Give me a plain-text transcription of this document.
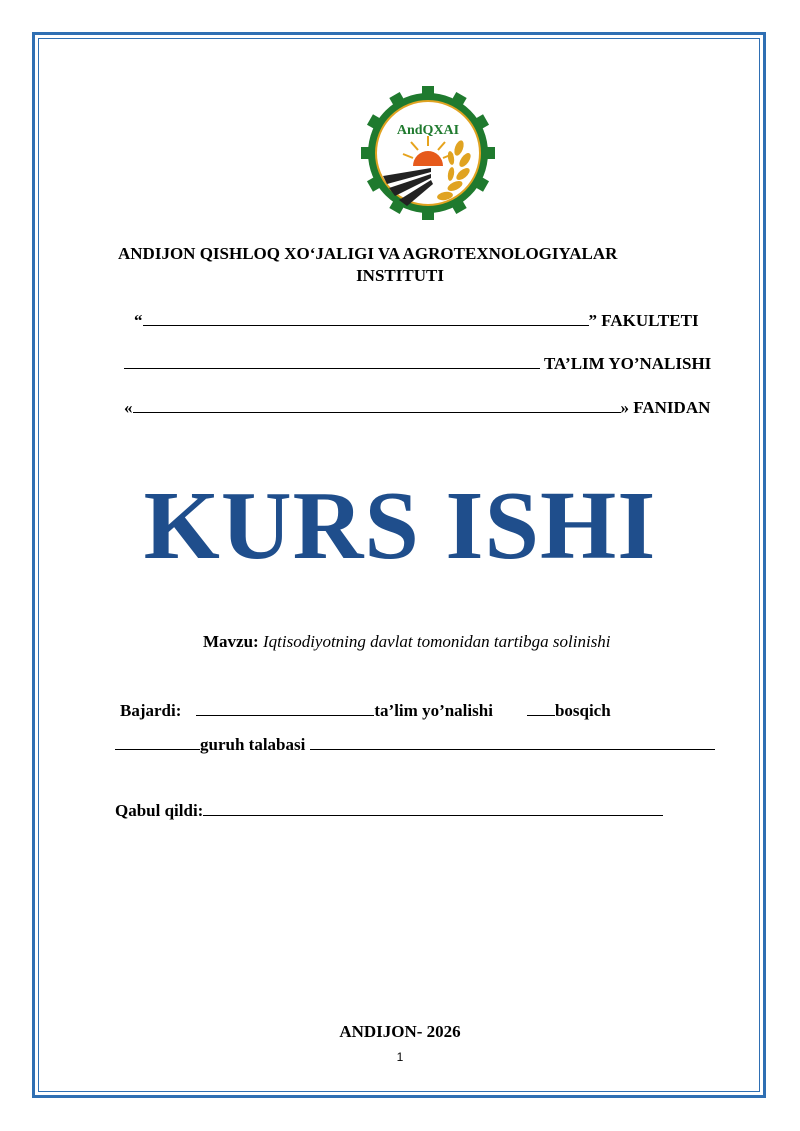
AndQXAI
ANDIJON QISHLOQ XO‘JALIGI VA AGROTEXNOLOGIYALAR
INSTITUTI
“	” FAKULTETI
TA’LIM YO’NALISHI
«	» FANIDAN
KURS ISHI
Mavzu: Iqtisodiyotning davlat tomonidan tartibga solinishi
Bajardi:	ta’lim yo’nalishi	bosqich
guruh talabasi
Qabul qildi:
ANDIJON- 2026
1
